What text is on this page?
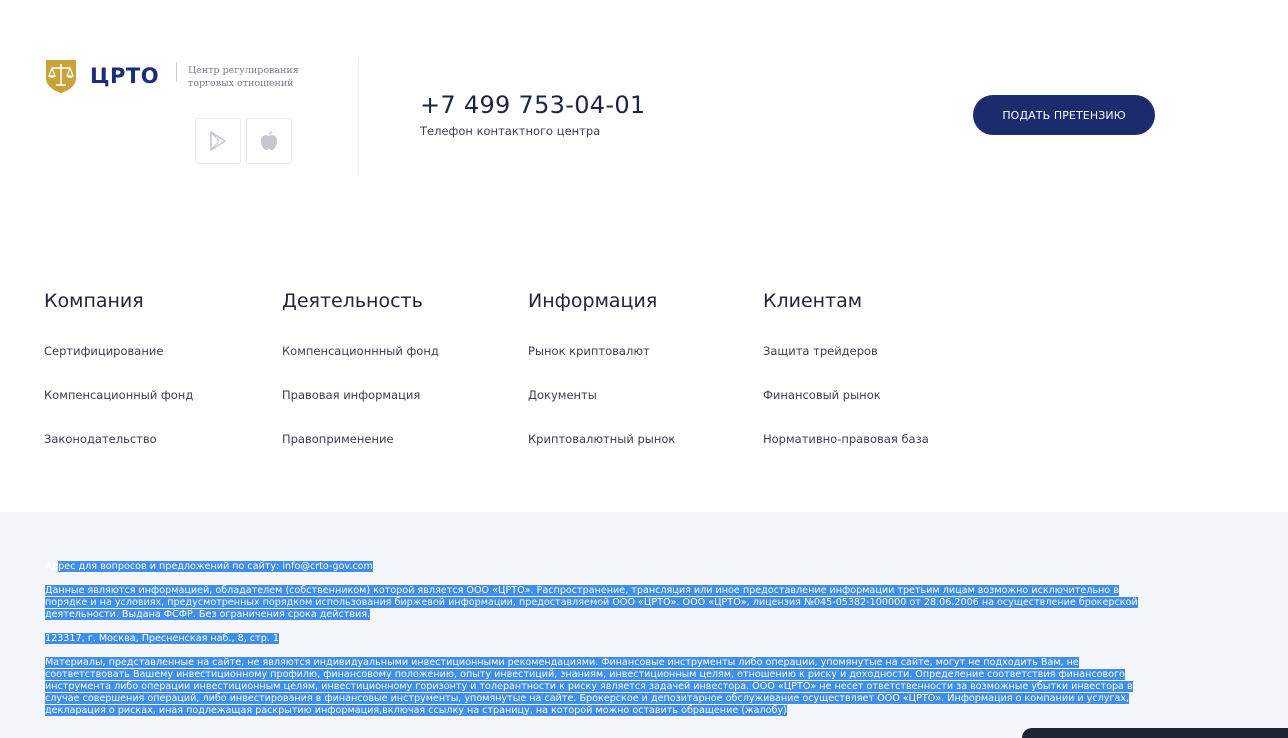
ЦРТО	Центр регулирования
торговых отношений
+7 499 753-04-01
Телефон контактного центра
ПОДАТЬ ПРЕТЕНЗИЮ
Компания
Сертифицирование
Компенсационный фонд
Законодательство
Деятельность
Компенсационнный фонд
Правовая информация
Правоприменение
Информация
Рынок криптовалют
Документы
Криптовалютный рынок
Клиентам
Защита трейдеров
Финансовый рынок
Нормативно-правовая база

Адрес для вопросов и предложений по сайту: info@crto-gov.com

Данные являются информацией, обладателем (собственником) которой является ООО «ЦРТО». Распространение, трансляция или иное предоставление информации третьим лицам возможно исключительно в порядке и на условиях, предусмотренных порядком использования биржевой информации, предоставляемой ООО «ЦРТО». ООО «ЦРТО», лицензия №045-05382-100000 от 28.06.2006 на осуществление брокерской деятельности. Выдана ФСФР. Без ограничения срока действия.

123317, г. Москва, Пресненская наб., 8, стр. 1

Материалы, представленные на сайте, не являются индивидуальными инвестиционными рекомендациями. Финансовые инструменты либо операции, упомянутые на сайте, могут не подходить Вам, не соответствовать Вашему инвестиционному профилю, финансовому положению, опыту инвестиций, знаниям, инвестиционным целям, отношению к риску и доходности. Определение соответствия финансового инструмента либо операции инвестиционным целям, инвестиционному горизонту и толерантности к риску является задачей инвестора. ООО «ЦРТО» не несет ответственности за возможные убытки инвестора в случае совершения операций, либо инвестирования в финансовые инструменты, упомянутые на сайте. Брокерское и депозитарное обслуживание осуществляет ООО «ЦРТО». Информация о компании и услугах, декларация о рисках, иная подлежащая раскрытию информация,включая ссылку на страницу, на которой можно оставить обращение (жалобу)
